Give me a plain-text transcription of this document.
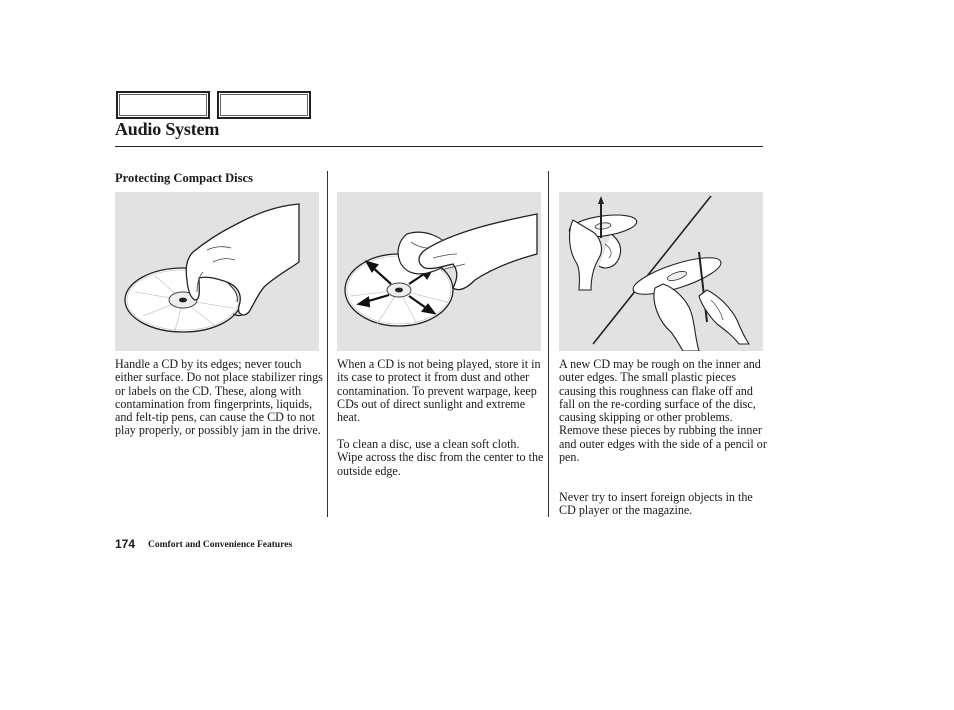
Audio System
Protecting Compact Discs

Handle a CD by its edges; never touch either surface. Do not place stabilizer rings or labels on the CD. These, along with contamination from fingerprints, liquids, and felt-tip pens, can cause the CD to not play properly, or possibly jam in the drive.

When a CD is not being played, store it in its case to protect it from dust and other contamination. To prevent warpage, keep CDs out of direct sunlight and extreme heat.

To clean a disc, use a clean soft cloth. Wipe across the disc from the center to the outside edge.

A new CD may be rough on the inner and outer edges. The small plastic pieces causing this roughness can flake off and fall on the re-cording surface of the disc, causing skipping or other problems. Remove these pieces by rubbing the inner and outer edges with the side of a pencil or pen.

Never try to insert foreign objects in the CD player or the magazine.

174 Comfort and Convenience Features
